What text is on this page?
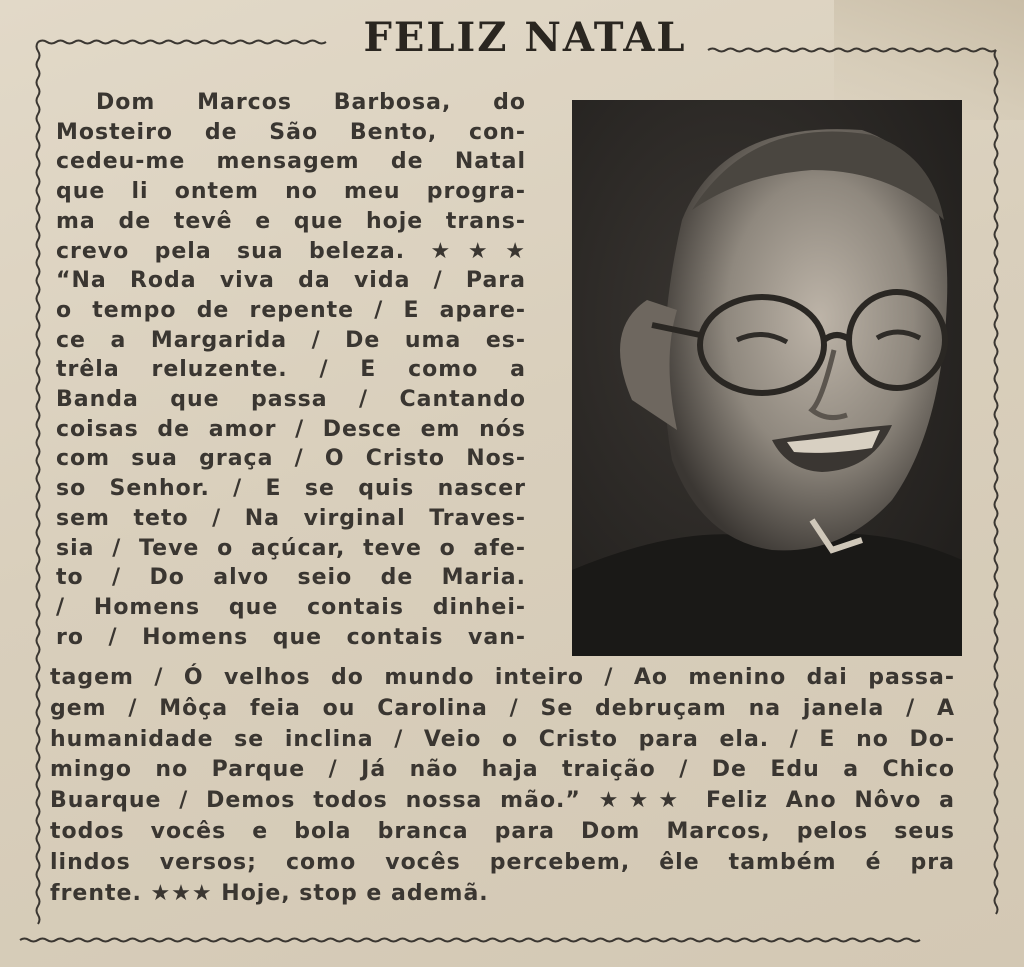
FELIZ NATAL
Dom Marcos Barbosa, do
Mosteiro de São Bento, con-
cedeu-me mensagem de Natal
que li ontem no meu progra-
ma de tevê e que hoje trans-
crevo pela sua beleza. ★★★
“Na Roda viva da vida / Para
o tempo de repente / E apare-
ce a Margarida / De uma es-
trêla reluzente. / E como a
Banda que passa / Cantando
coisas de amor / Desce em nós
com sua graça / O Cristo Nos-
so Senhor. / E se quis nascer
sem teto / Na virginal Traves-
sia / Teve o açúcar, teve o afe-
to / Do alvo seio de Maria.
/ Homens que contais dinhei-
ro / Homens que contais van-
tagem / Ó velhos do mundo inteiro / Ao menino dai passa-
gem / Môça feia ou Carolina / Se debruçam na janela / A
humanidade se inclina / Veio o Cristo para ela. / E no Do-
mingo no Parque / Já não haja traição / De Edu a Chico
Buarque / Demos todos nossa mão.” ★★★ Feliz Ano Nôvo a
todos vocês e bola branca para Dom Marcos, pelos seus
lindos versos; como vocês percebem, êle também é pra
frente. ★★★ Hoje, stop e ademã.
